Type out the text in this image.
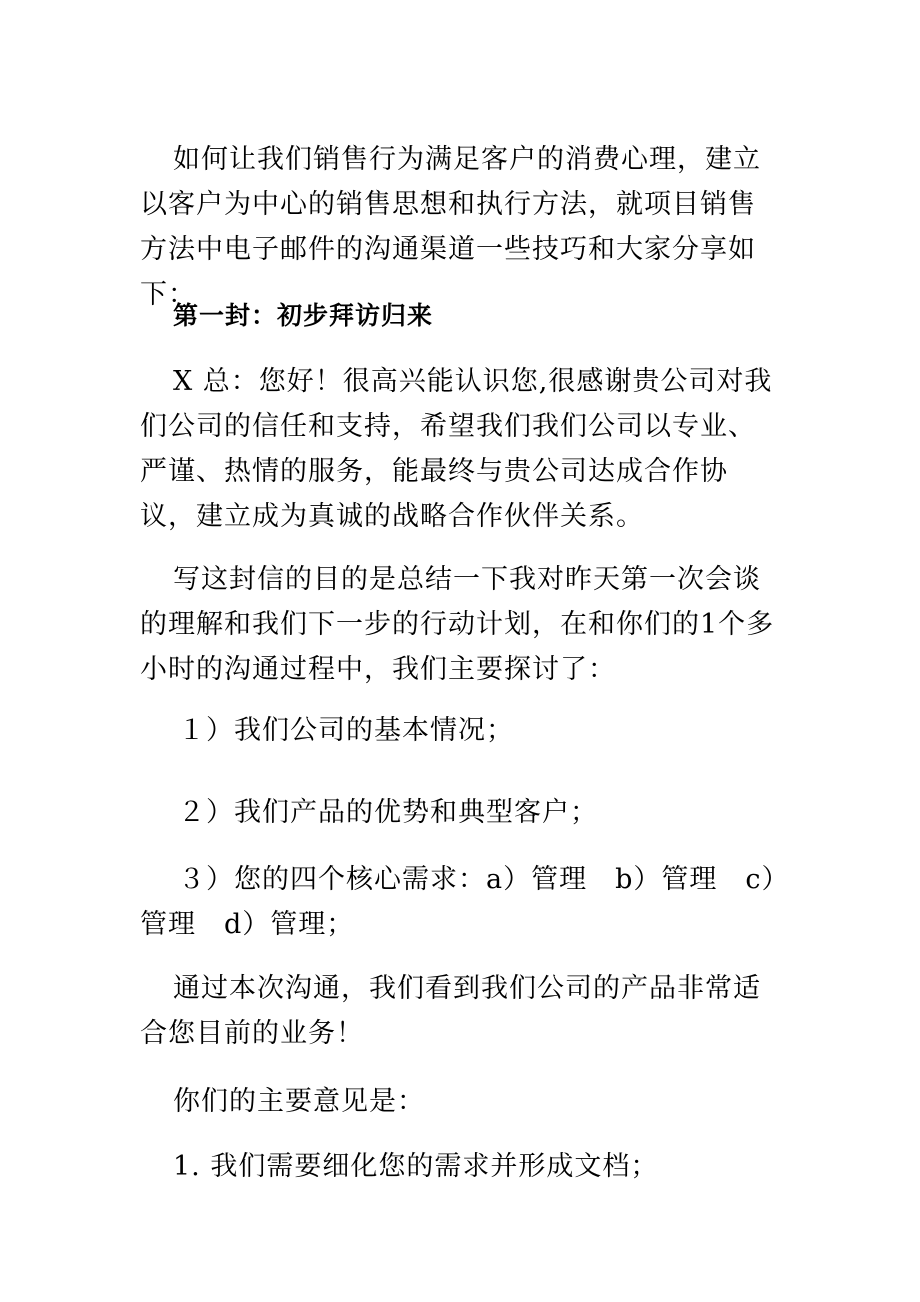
如何让我们销售行为满足客户的消费心理，建立以客户为中心的销售思想和执行方法，就项目销售方法中电子邮件的沟通渠道一些技巧和大家分享如下：

第一封：初步拜访归来

X 总：您好！很高兴能认识您,很感谢贵公司对我们公司的信任和支持，希望我们我们公司以专业、严谨、热情的服务，能最终与贵公司达成合作协议，建立成为真诚的战略合作伙伴关系。

写这封信的目的是总结一下我对昨天第一次会谈的理解和我们下一步的行动计划，在和你们的1个多小时的沟通过程中，我们主要探讨了：

１）我们公司的基本情况；

２）我们产品的优势和典型客户；

３）您的四个核心需求：a）管理　b）管理　c）管理　d）管理；

通过本次沟通，我们看到我们公司的产品非常适合您目前的业务！

你们的主要意见是：

1. 我们需要细化您的需求并形成文档；
